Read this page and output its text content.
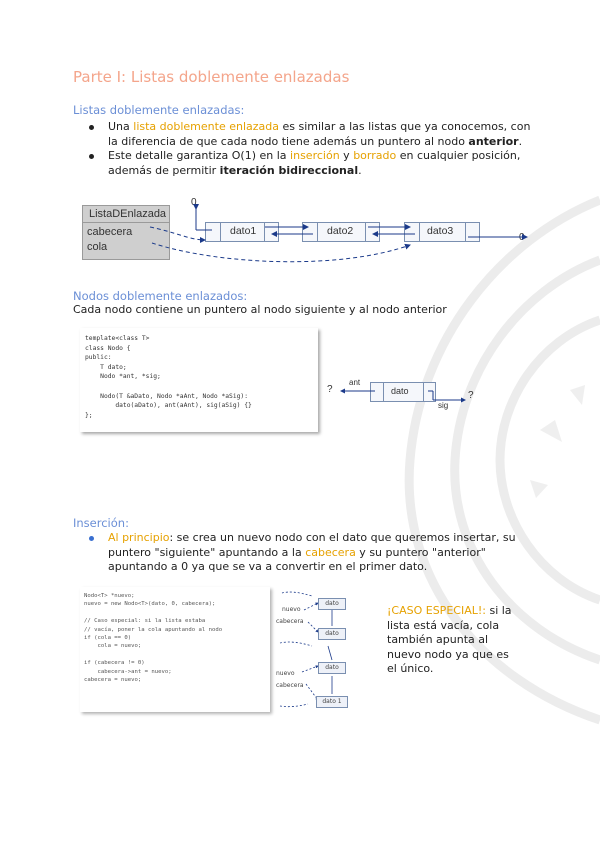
Parte I: Listas doblemente enlazadas
Listas doblemente enlazadas:
Una lista doblemente enlazada es similar a las listas que ya conocemos, con la diferencia de que cada nodo tiene además un puntero al nodo anterior.
Este detalle garantiza O(1) en la inserción y borrado en cualquier posición, además de permitir iteración bidireccional.
ListaDEnlazada
cabecera
cola
0
dato1	dato2	dato3
0
Nodos doblemente enlazados:
Cada nodo contiene un puntero al nodo siguiente y al nodo anterior
template<class T>
class Nodo {
public:
T dato;
Nodo *ant, *sig;

Nodo(T &aDato, Nodo *aAnt, Nodo *aSig):
dato(aDato), ant(aAnt), sig(aSig) {}
};
?
ant
dato
sig
?
Inserción:
Al principio: se crea un nuevo nodo con el dato que queremos insertar, su puntero "siguiente" apuntando a la cabecera y su puntero "anterior" apuntando a 0 ya que se va a convertir en el primer dato.
Nodo<T> *nuevo;
nuevo = new Nodo<T>(dato, 0, cabecera);

// Caso especial: si la lista estaba
// vacía, poner la cola apuntando al nodo
if (cola == 0)
cola = nuevo;

if (cabecera != 0)
cabecera->ant = nuevo;
cabecera = nuevo;
nuevo
cabecera
dato
dato
nuevo
cabecera
dato
dato 1
¡CASO ESPECIAL!: si la lista está vacía, cola también apunta al nuevo nodo ya que es el único.
